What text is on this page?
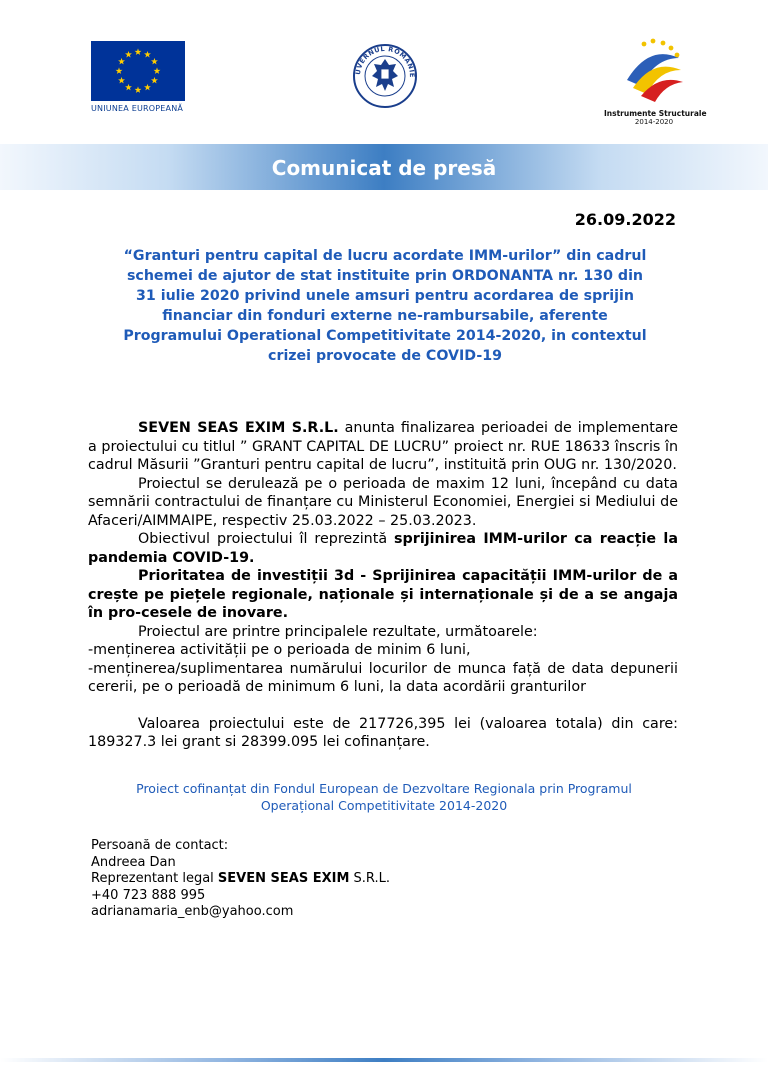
UNIUNEA EUROPEANĂ
UVERNUL ROMÂNIE
Instrumente Structurale
2014-2020
Comunicat de presă
26.09.2022
“Granturi pentru capital de lucru acordate IMM-urilor” din cadrul
schemei de ajutor de stat instituite prin ORDONANTA nr. 130 din
31 iulie 2020 privind unele amsuri pentru acordarea de sprijin
financiar din fonduri externe ne-rambursabile, aferente
Programului Operational Competitivitate 2014-2020, in contextul
crizei provocate de COVID-19

SEVEN SEAS EXIM S.R.L. anunta finalizarea perioadei de implementare a proiectului cu titlul ” GRANT CAPITAL DE LUCRU” proiect nr. RUE 18633 înscris în cadrul Măsurii ”Granturi pentru capital de lucru”, instituită prin OUG nr. 130/2020.

Proiectul se derulează pe o perioada de maxim 12 luni, începând cu data semnării contractului de finanțare cu Ministerul Economiei, Energiei si Mediului de Afaceri/AIMMAIPE, respectiv 25.03.2022 – 25.03.2023.

Obiectivul proiectului îl reprezintă sprijinirea IMM-urilor ca reacție la pandemia COVID-19.

Prioritatea de investiții 3d - Sprijinirea capacității IMM-urilor de a crește pe piețele regionale, naționale și internaționale și de a se angaja în pro-cesele de inovare.

Proiectul are printre principalele rezultate, următoarele:

-menținerea activității pe o perioada de minim 6 luni,

-menținerea/suplimentarea numărului locurilor de munca față de data depunerii cererii, pe o perioadă de minimum 6 luni, la data acordării granturilor

Valoarea proiectului este de 217726,395 lei (valoarea totala) din care: 189327.3 lei grant si 28399.095 lei cofinanțare.

Proiect cofinanțat din Fondul European de Dezvoltare Regionala prin Programul
Operațional Competitivitate 2014-2020
Persoană de contact:
Andreea Dan
Reprezentant legal SEVEN SEAS EXIM S.R.L.
+40 723 888 995
adrianamaria_enb@yahoo.com
